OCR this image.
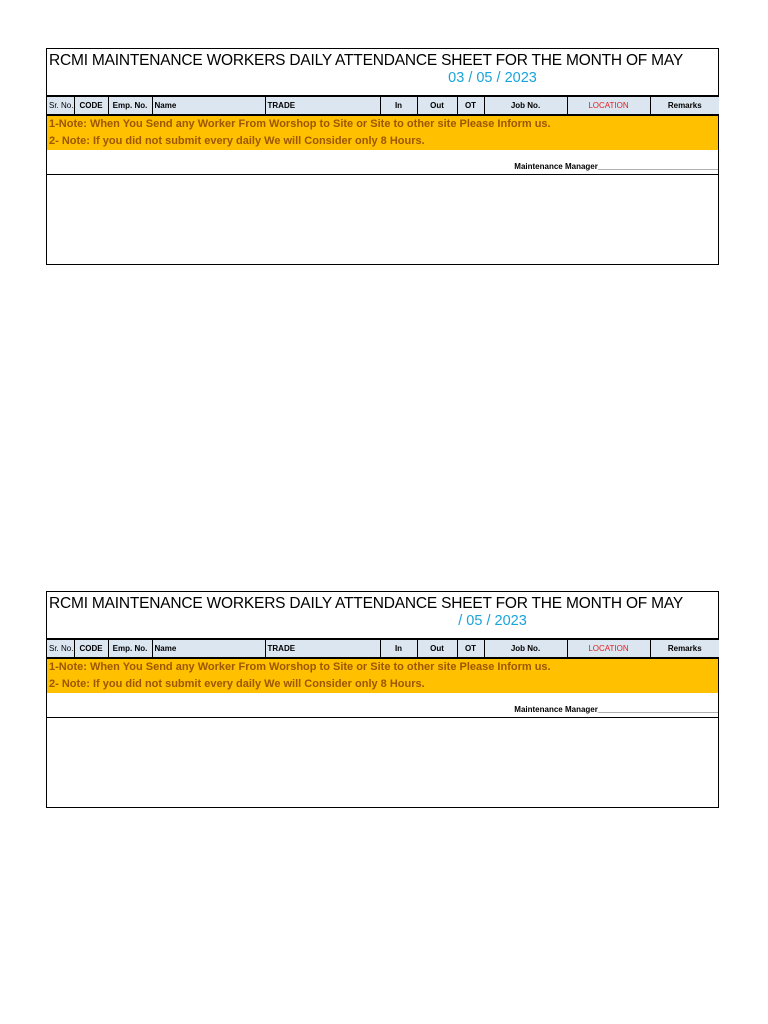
RCMI MAINTENANCE WORKERS DAILY ATTENDANCE SHEET FOR THE MONTH OF MAY
03 / 05 / 2023
Sr. No.	CODE	Emp. No.	Name	TRADE	In	Out	OT	Job No.	LOCATION	Remarks
1-Note: When You Send any Worker From Worshop to Site or Site to other site Please Inform us.
2- Note: If you did not submit every daily We will Consider only 8 Hours.
Maintenance Manager___________________________
RCMI MAINTENANCE WORKERS DAILY ATTENDANCE SHEET FOR THE MONTH OF MAY
/ 05 / 2023
Sr. No.	CODE	Emp. No.	Name	TRADE	In	Out	OT	Job No.	LOCATION	Remarks
1-Note: When You Send any Worker From Worshop to Site or Site to other site Please Inform us.
2- Note: If you did not submit every daily We will Consider only 8 Hours.
Maintenance Manager___________________________
